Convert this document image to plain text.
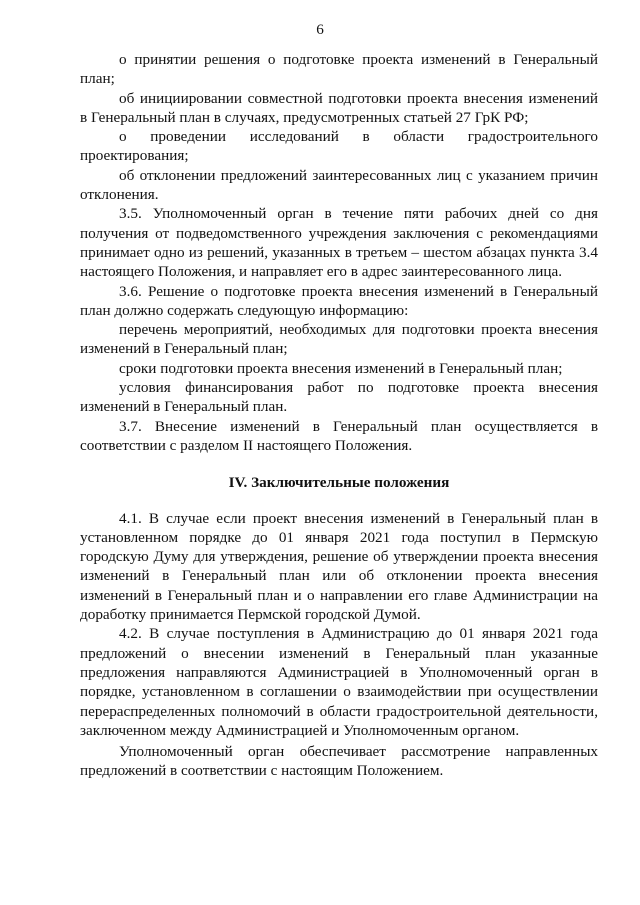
6

о принятии решения о подготовке проекта изменений в Генеральный план;

об инициировании совместной подготовки проекта внесения изменений в Генеральный план в случаях, предусмотренных статьей 27 ГрК РФ;

о проведении исследований в области градостроительного проектирования;

об отклонении предложений заинтересованных лиц с указанием причин отклонения.

3.5. Уполномоченный орган в течение пяти рабочих дней со дня получения от подведомственного учреждения заключения с рекомендациями принимает одно из решений, указанных в третьем – шестом абзацах пункта 3.4 настоящего Положения, и направляет его в адрес заинтересованного лица.

3.6. Решение о подготовке проекта внесения изменений в Генеральный план должно содержать следующую информацию:

перечень мероприятий, необходимых для подготовки проекта внесения изменений в Генеральный план;

сроки подготовки проекта внесения изменений в Генеральный план;

условия финансирования работ по подготовке проекта внесения изменений в Генеральный план.

3.7. Внесение изменений в Генеральный план осуществляется в соответствии с разделом II настоящего Положения.

IV. Заключительные положения

4.1. В случае если проект внесения изменений в Генеральный план в установленном порядке до 01 января 2021 года поступил в Пермскую городскую Думу для утверждения, решение об утверждении проекта внесения изменений в Генеральный план или об отклонении проекта внесения изменений в Генеральный план и о направлении его главе Администрации на доработку принимается Пермской городской Думой.

4.2. В случае поступления в Администрацию до 01 января 2021 года предложений о внесении изменений в Генеральный план указанные предложения направляются Администрацией в Уполномоченный орган в порядке, установленном в соглашении о взаимодействии при осуществлении перераспределенных полномочий в области градостроительной деятельности, заключенном между Администрацией и Уполномоченным органом.

Уполномоченный орган обеспечивает рассмотрение направленных предложений в соответствии с настоящим Положением.
